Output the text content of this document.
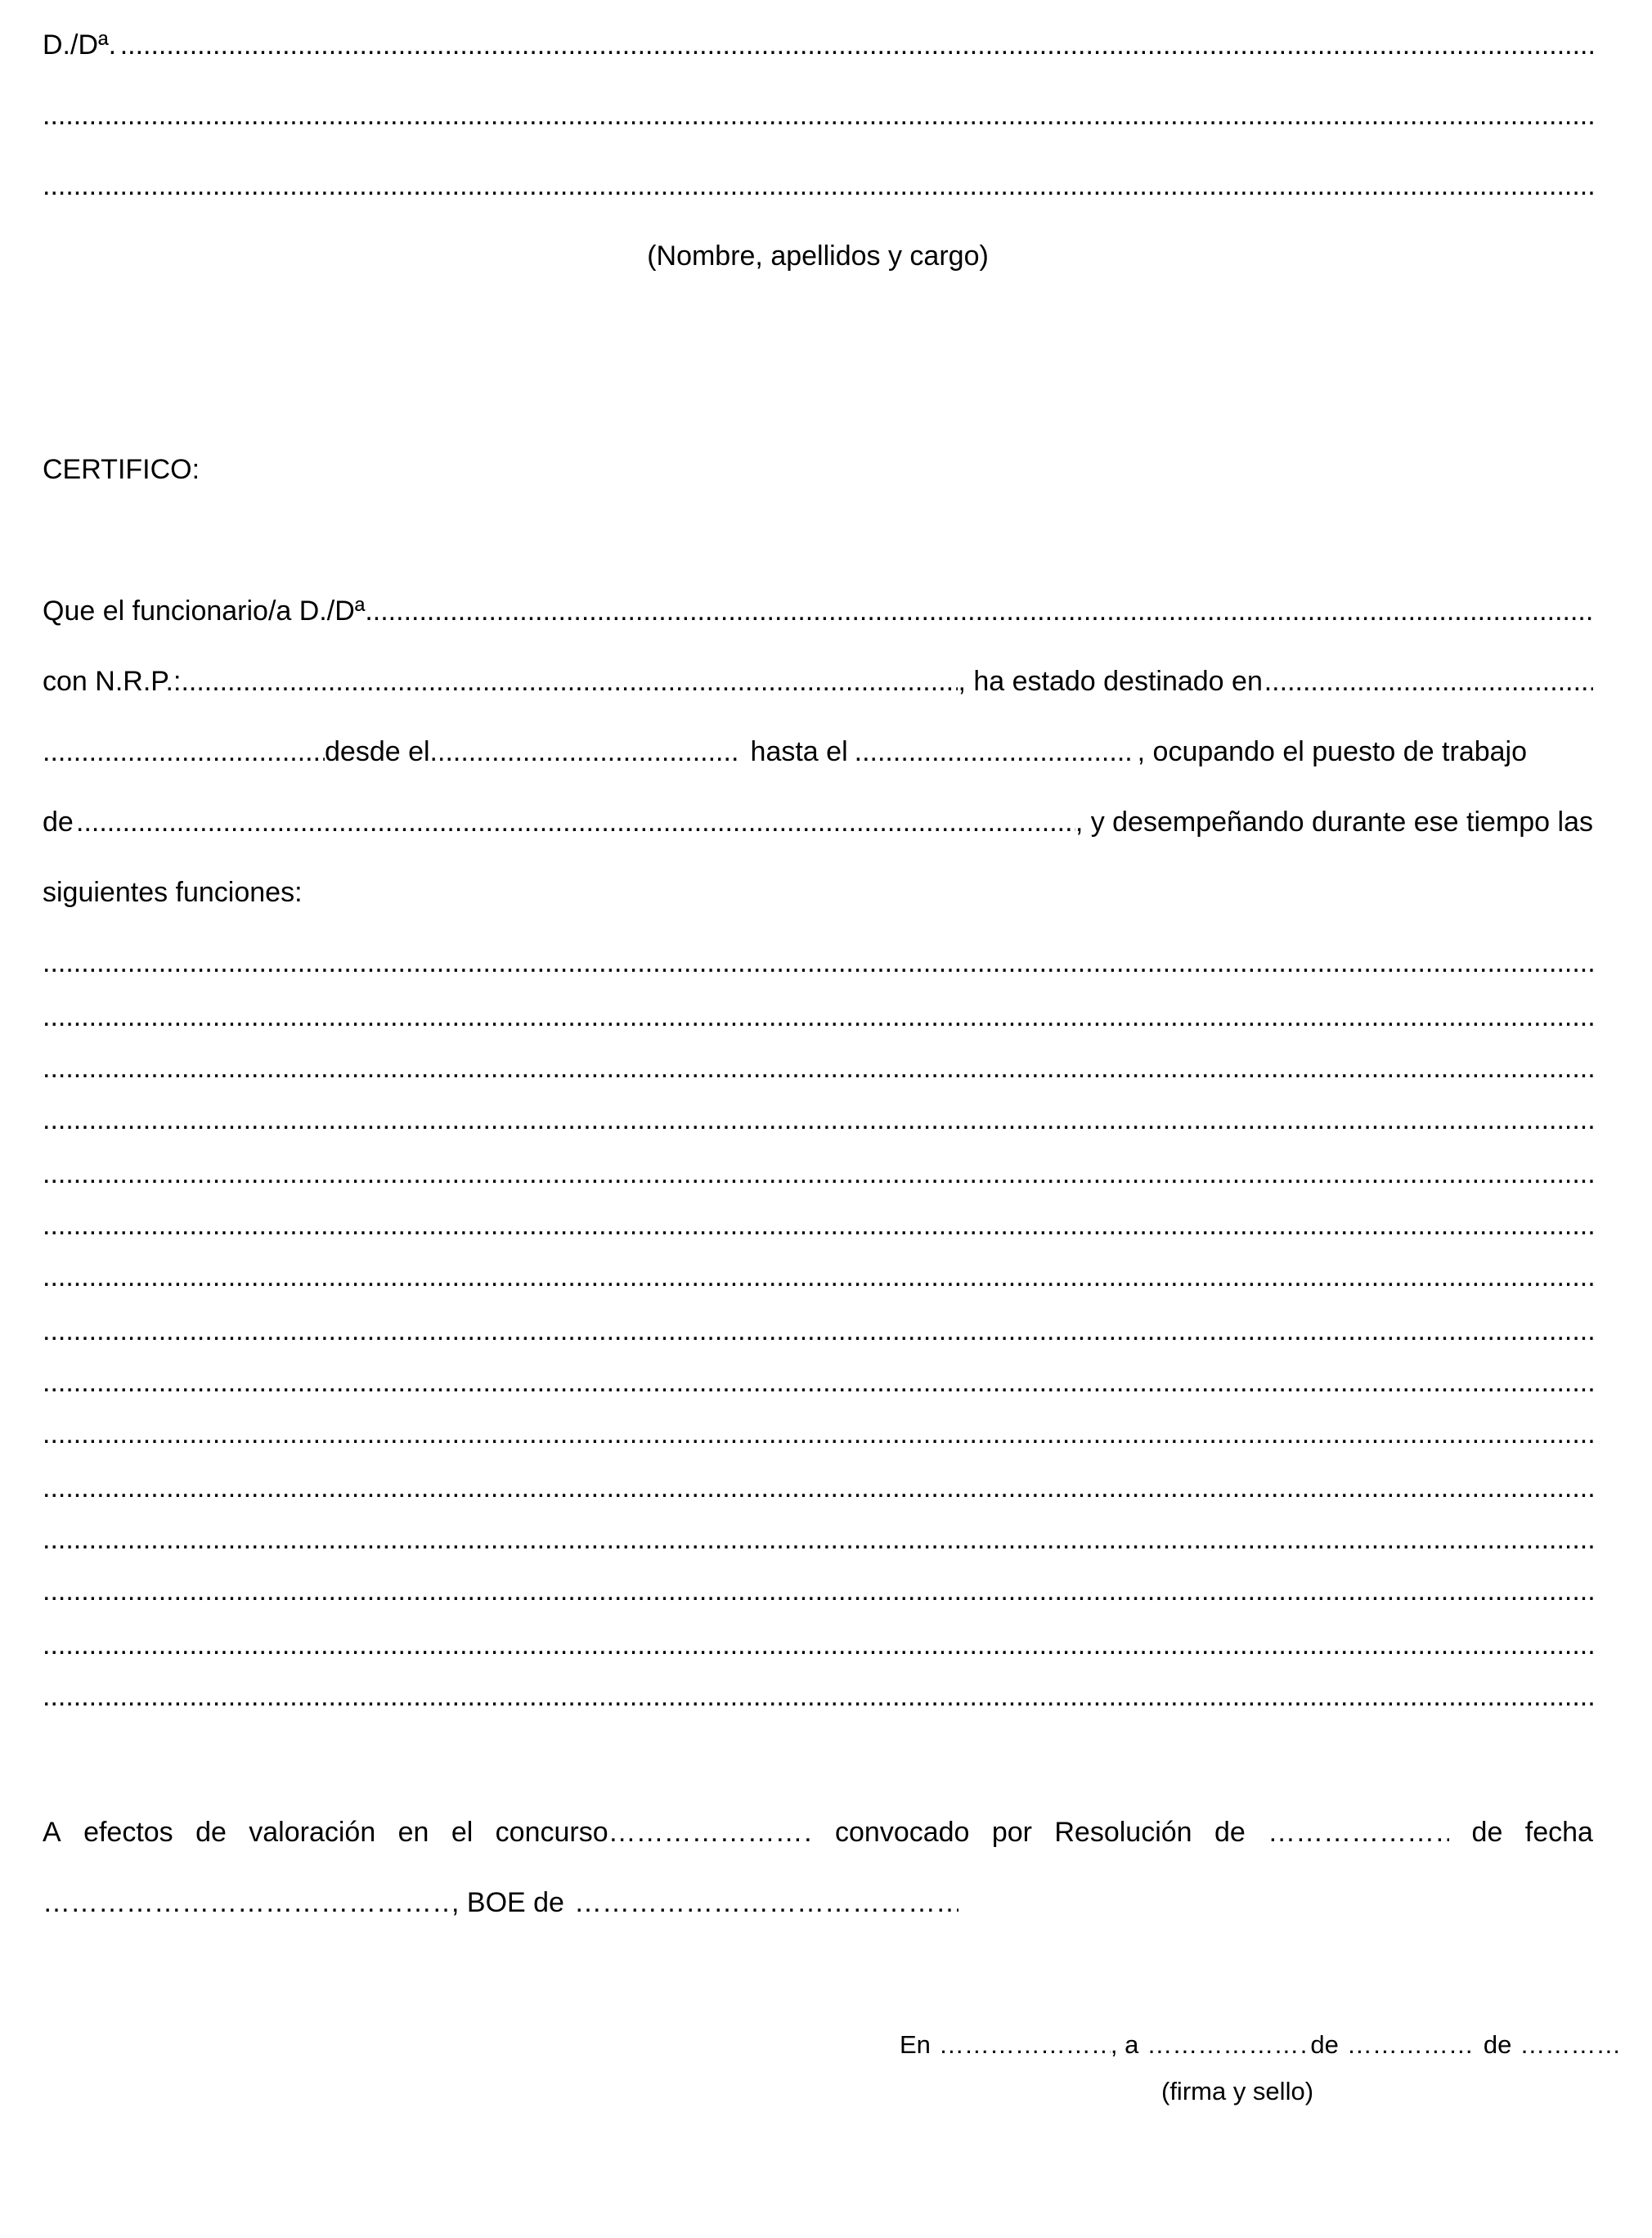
D./Dª.
.....
.....
.....
(Nombre, apellidos y cargo)
CERTIFICO:
Que el funcionario/a D./Dª
.....
con N.R.P.: .....	, ha estado destinado en
.....
.....
desde el .....	hasta el .....	, ocupando el puesto de trabajo
de .....	, y desempeñando durante ese tiempo las
siguientes funciones:
.....
.....
.....
.....
.....
.....
.....
.....
.....
.....
.....
.....
.....
.....
.....
A efectos de valoración en el concurso ………………………………………………………………………………………………………………………………………………………………………………	convocado por Resolución de ………………………………………………………………………………………………………………………………………………………………………………	de fecha
………………………………………………………………………………………………………………………………………………………………………………
, BOE de
………………………………………………………………………………………………………………………………………………………………………………
En ………………………………………………………………………………………………………………………………………………………………………………	, a ………………………………………………………………………………………………………………………………………………………………………………	de ………………………………………………………………………………………………………………………………………………………………………………	de
………………………………………………………………………………………………………………………………………………………………………………
(firma y sello)
